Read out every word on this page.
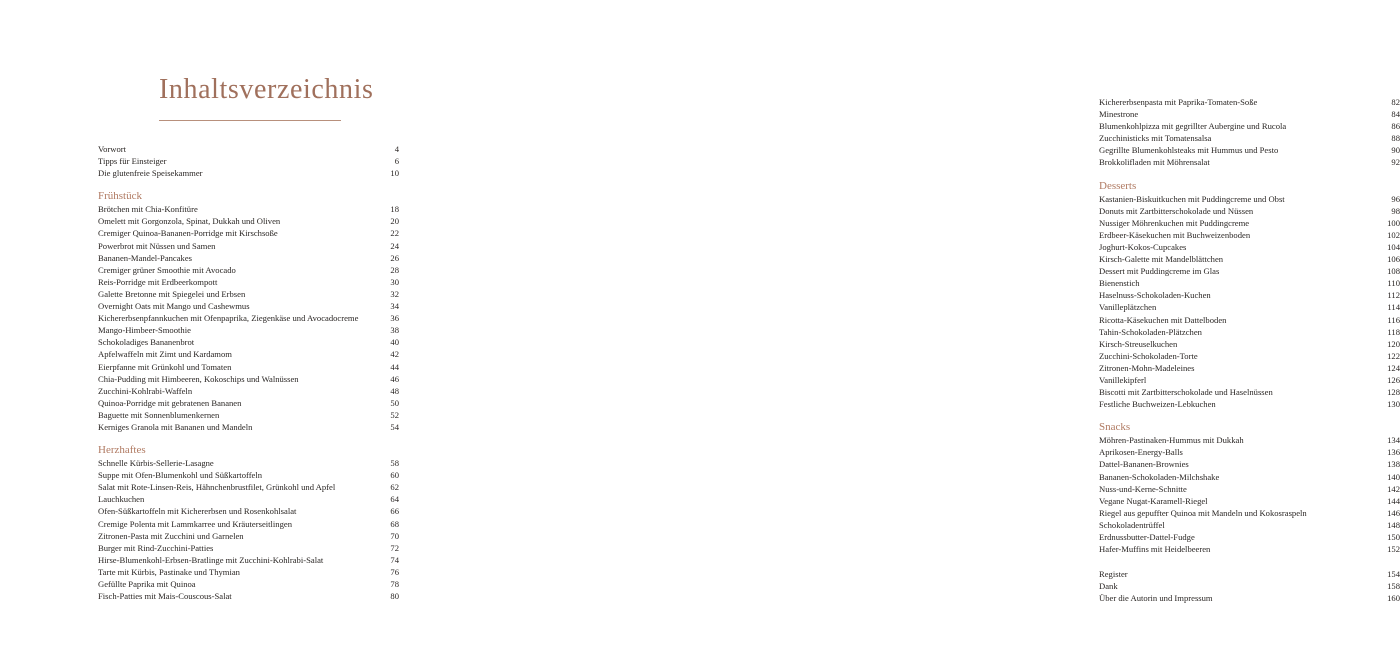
Inhaltsverzeichnis
Vorwort	4
Tipps für Einsteiger	6
Die glutenfreie Speisekammer	10
Frühstück
Brötchen mit Chia-Konfitüre	18
Omelett mit Gorgonzola, Spinat, Dukkah und Oliven	20
Cremiger Quinoa-Bananen-Porridge mit Kirschsoße	22
Powerbrot mit Nüssen und Samen	24
Bananen-Mandel-Pancakes	26
Cremiger grüner Smoothie mit Avocado	28
Reis-Porridge mit Erdbeerkompott	30
Galette Bretonne mit Spiegelei und Erbsen	32
Overnight Oats mit Mango und Cashewmus	34
Kichererbsenpfannkuchen mit Ofenpaprika, Ziegenkäse und Avocadocreme	36
Mango-Himbeer-Smoothie	38
Schokoladiges Bananenbrot	40
Apfelwaffeln mit Zimt und Kardamom	42
Eierpfanne mit Grünkohl und Tomaten	44
Chia-Pudding mit Himbeeren, Kokoschips und Walnüssen	46
Zucchini-Kohlrabi-Waffeln	48
Quinoa-Porridge mit gebratenen Bananen	50
Baguette mit Sonnenblumenkernen	52
Kerniges Granola mit Bananen und Mandeln	54
Herzhaftes
Schnelle Kürbis-Sellerie-Lasagne	58
Suppe mit Ofen-Blumenkohl und Süßkartoffeln	60
Salat mit Rote-Linsen-Reis, Hähnchenbrustfilet, Grünkohl und Apfel	62
Lauchkuchen	64
Ofen-Süßkartoffeln mit Kichererbsen und Rosenkohlsalat	66
Cremige Polenta mit Lammkarree und Kräuterseitlingen	68
Zitronen-Pasta mit Zucchini und Garnelen	70
Burger mit Rind-Zucchini-Patties	72
Hirse-Blumenkohl-Erbsen-Bratlinge mit Zucchini-Kohlrabi-Salat	74
Tarte mit Kürbis, Pastinake und Thymian	76
Gefüllte Paprika mit Quinoa	78
Fisch-Patties mit Mais-Couscous-Salat	80
Kichererbsenpasta mit Paprika-Tomaten-Soße	82
Minestrone	84
Blumenkohlpizza mit gegrillter Aubergine und Rucola	86
Zucchinisticks mit Tomatensalsa	88
Gegrillte Blumenkohlsteaks mit Hummus und Pesto	90
Brokkolifladen mit Möhrensalat	92
Desserts
Kastanien-Biskuitkuchen mit Puddingcreme und Obst	96
Donuts mit Zartbitterschokolade und Nüssen	98
Nussiger Möhrenkuchen mit Puddingcreme	100
Erdbeer-Käsekuchen mit Buchweizenboden	102
Joghurt-Kokos-Cupcakes	104
Kirsch-Galette mit Mandelblättchen	106
Dessert mit Puddingcreme im Glas	108
Bienenstich	110
Haselnuss-Schokoladen-Kuchen	112
Vanilleplätzchen	114
Ricotta-Käsekuchen mit Dattelboden	116
Tahin-Schokoladen-Plätzchen	118
Kirsch-Streuselkuchen	120
Zucchini-Schokoladen-Torte	122
Zitronen-Mohn-Madeleines	124
Vanillekipferl	126
Biscotti mit Zartbitterschokolade und Haselnüssen	128
Festliche Buchweizen-Lebkuchen	130
Snacks
Möhren-Pastinaken-Hummus mit Dukkah	134
Aprikosen-Energy-Balls	136
Dattel-Bananen-Brownies	138
Bananen-Schokoladen-Milchshake	140
Nuss-und-Kerne-Schnitte	142
Vegane Nugat-Karamell-Riegel	144
Riegel aus gepuffter Quinoa mit Mandeln und Kokosraspeln	146
Schokoladentrüffel	148
Erdnussbutter-Dattel-Fudge	150
Hafer-Muffins mit Heidelbeeren	152
Register	154
Dank	158
Über die Autorin und Impressum	160
